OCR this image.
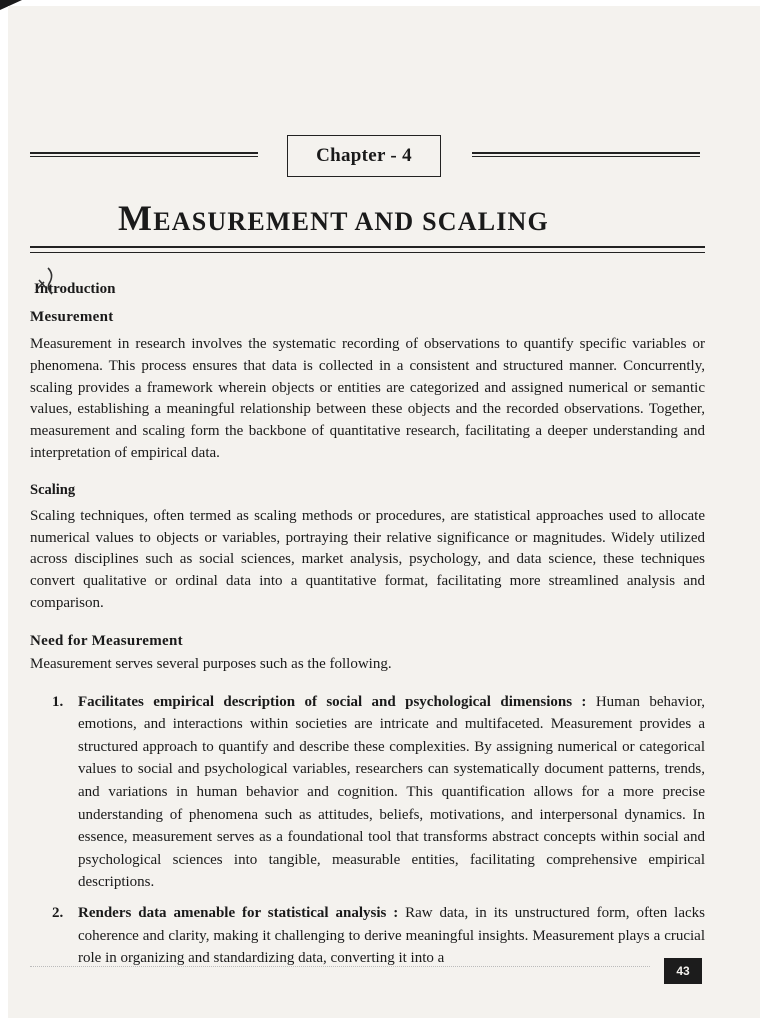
Chapter - 4
MEASUREMENT AND SCALING
Introduction
Mesurement

Measurement in research involves the systematic recording of observations to quantify specific variables or phenomena. This process ensures that data is collected in a consistent and structured manner. Concurrently, scaling provides a framework wherein objects or entities are categorized and assigned numerical or semantic values, establishing a meaningful relationship between these objects and the recorded observations. Together, measurement and scaling form the backbone of quantitative research, facilitating a deeper understanding and interpretation of empirical data.

Scaling

Scaling techniques, often termed as scaling methods or procedures, are statistical approaches used to allocate numerical values to objects or variables, portraying their relative significance or magnitudes. Widely utilized across disciplines such as social sciences, market analysis, psychology, and data science, these techniques convert qualitative or ordinal data into a quantitative format, facilitating more streamlined analysis and comparison.

Need for Measurement

Measurement serves several purposes such as the following.

1. Facilitates empirical description of social and psychological dimensions : Human behavior, emotions, and interactions within societies are intricate and multifaceted. Measurement provides a structured approach to quantify and describe these complexities. By assigning numerical or categorical values to social and psychological variables, researchers can systematically document patterns, trends, and variations in human behavior and cognition. This quantification allows for a more precise understanding of phenomena such as attitudes, beliefs, motivations, and interpersonal dynamics. In essence, measurement serves as a foundational tool that transforms abstract concepts within social and psychological sciences into tangible, measurable entities, facilitating comprehensive empirical descriptions.
2. Renders data amenable for statistical analysis : Raw data, in its unstructured form, often lacks coherence and clarity, making it challenging to derive meaningful insights. Measurement plays a crucial role in organizing and standardizing data, converting it into a
43
